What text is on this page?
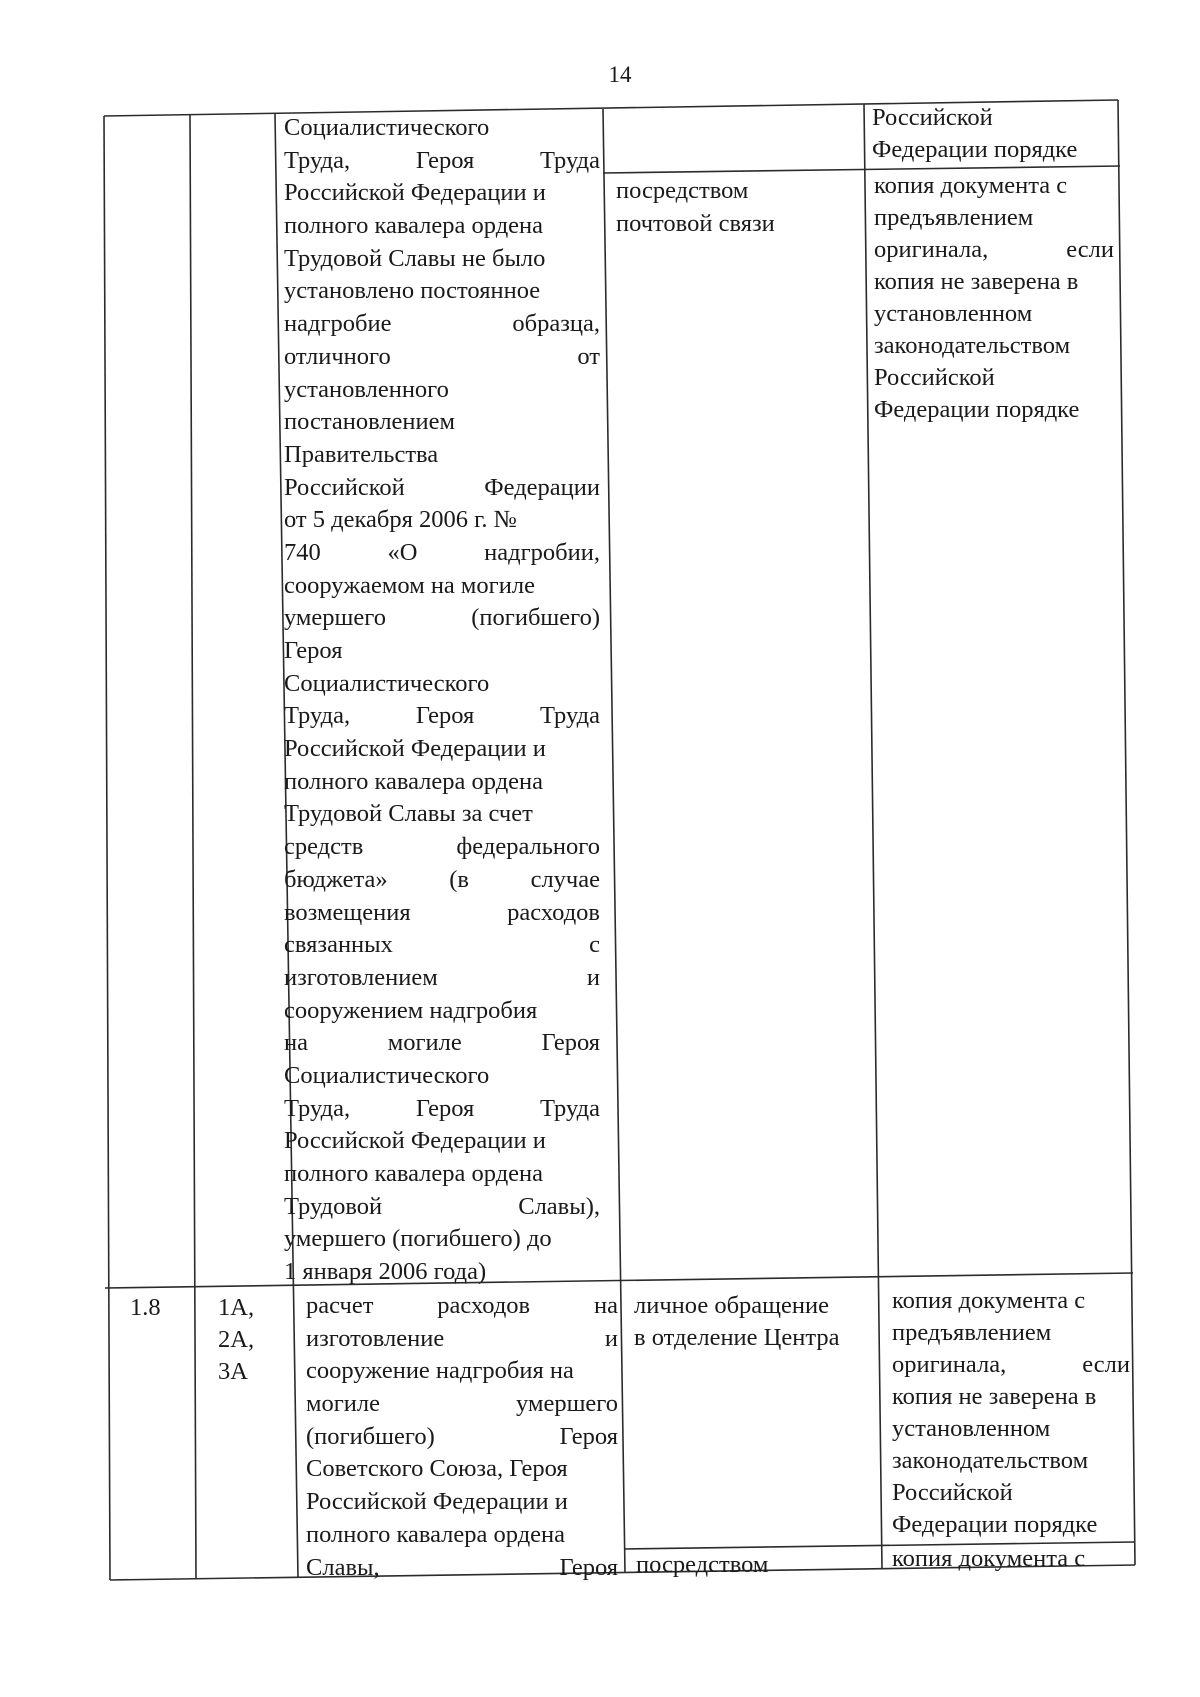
14
Социалистического
Труда, Героя Труда
Российской Федерации и
полного кавалера ордена
Трудовой Славы не было
установлено постоянное
надгробие образца,
отличного от
установленного
постановлением
Правительства
Российской Федерации
от 5 декабря 2006 г. №
740 «О надгробии,
сооружаемом на могиле
умершего (погибшего)
Героя
Социалистического
Труда, Героя Труда
Российской Федерации и
полного кавалера ордена
Трудовой Славы за счет
средств федерального
бюджета» (в случае
возмещения расходов
связанных с
изготовлением и
сооружением надгробия
на могиле Героя
Социалистического
Труда, Героя Труда
Российской Федерации и
полного кавалера ордена
Трудовой Славы),
умершего (погибшего) до
1 января 2006 года)
Российской
Федерации порядке
посредством
почтовой связи
копия документа с
предъявлением
оригинала, если
копия не заверена в
установленном
законодательством
Российской
Федерации порядке
1.8	1А,
2А,
3А
расчет расходов на
изготовление и
сооружение надгробия на
могиле умершего
(погибшего) Героя
Советского Союза, Героя
Российской Федерации и
полного кавалера ордена
Славы, Героя
личное обращение
в отделение Центра
копия документа с
предъявлением
оригинала, если
копия не заверена в
установленном
законодательством
Российской
Федерации порядке
посредством	копия документа с
